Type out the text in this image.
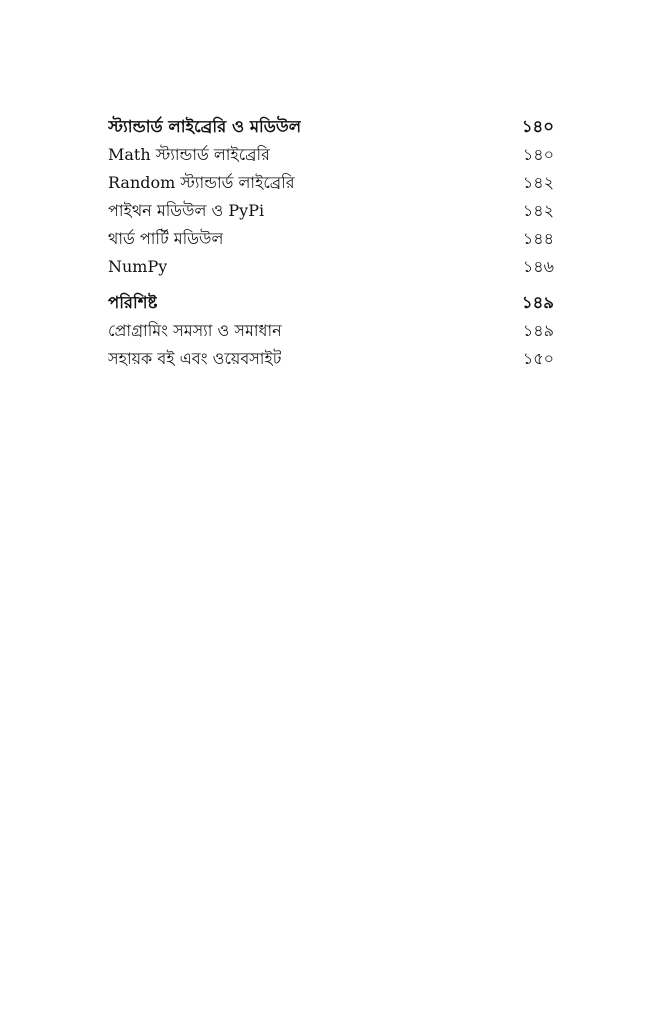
স্ট্যান্ডার্ড লাইব্রেরি ও মডিউল	১৪০
Math স্ট্যান্ডার্ড লাইব্রেরি	১৪০
Random স্ট্যান্ডার্ড লাইব্রেরি	১৪২
পাইথন মডিউল ও PyPi	১৪২
থার্ড পার্টি মডিউল	১৪৪
NumPy	১৪৬
পরিশিষ্ট	১৪৯
প্রোগ্রামিং সমস্যা ও সমাধান	১৪৯
সহায়ক বই এবং ওয়েবসাইট	১৫০
